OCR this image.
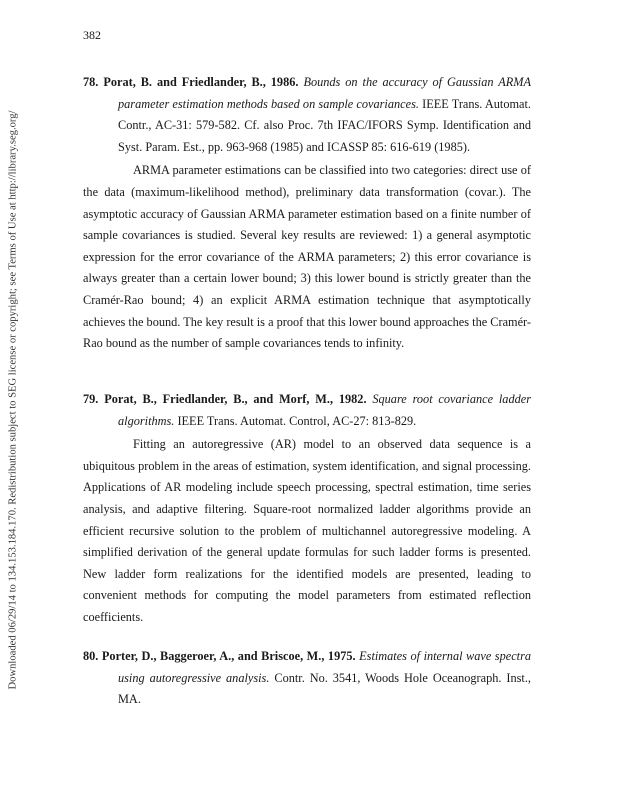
382
Downloaded 06/29/14 to 134.153.184.170. Redistribution subject to SEG license or copyright; see Terms of Use at http://library.seg.org/

78. Porat, B. and Friedlander, B., 1986. Bounds on the accuracy of Gaussian ARMA parameter estimation methods based on sample covariances. IEEE Trans. Automat. Contr., AC-31: 579-582. Cf. also Proc. 7th IFAC/IFORS Symp. Identification and Syst. Param. Est., pp. 963-968 (1985) and ICASSP 85: 616-619 (1985).

ARMA parameter estimations can be classified into two categories: direct use of the data (maximum-likelihood method), preliminary data transformation (covar.). The asymptotic accuracy of Gaussian ARMA parameter estimation based on a finite number of sample covariances is studied. Several key results are reviewed: 1) a general asymptotic expression for the error covariance of the ARMA parameters; 2) this error covariance is always greater than a certain lower bound; 3) this lower bound is strictly greater than the Cramér-Rao bound; 4) an explicit ARMA estimation technique that asymptotically achieves the bound. The key result is a proof that this lower bound approaches the Cramér-Rao bound as the number of sample covariances tends to infinity.

79. Porat, B., Friedlander, B., and Morf, M., 1982. Square root covariance ladder algorithms. IEEE Trans. Automat. Control, AC-27: 813-829.

Fitting an autoregressive (AR) model to an observed data sequence is a ubiquitous problem in the areas of estimation, system identification, and signal processing. Applications of AR modeling include speech processing, spectral estimation, time series analysis, and adaptive filtering. Square-root normalized ladder algorithms provide an efficient recursive solution to the problem of multichannel autoregressive modeling. A simplified derivation of the general update formulas for such ladder forms is presented. New ladder form realizations for the identified models are presented, leading to convenient methods for computing the model parameters from estimated reflection coefficients.

80. Porter, D., Baggeroer, A., and Briscoe, M., 1975. Estimates of internal wave spectra using autoregressive analysis. Contr. No. 3541, Woods Hole Oceanograph. Inst., MA.
